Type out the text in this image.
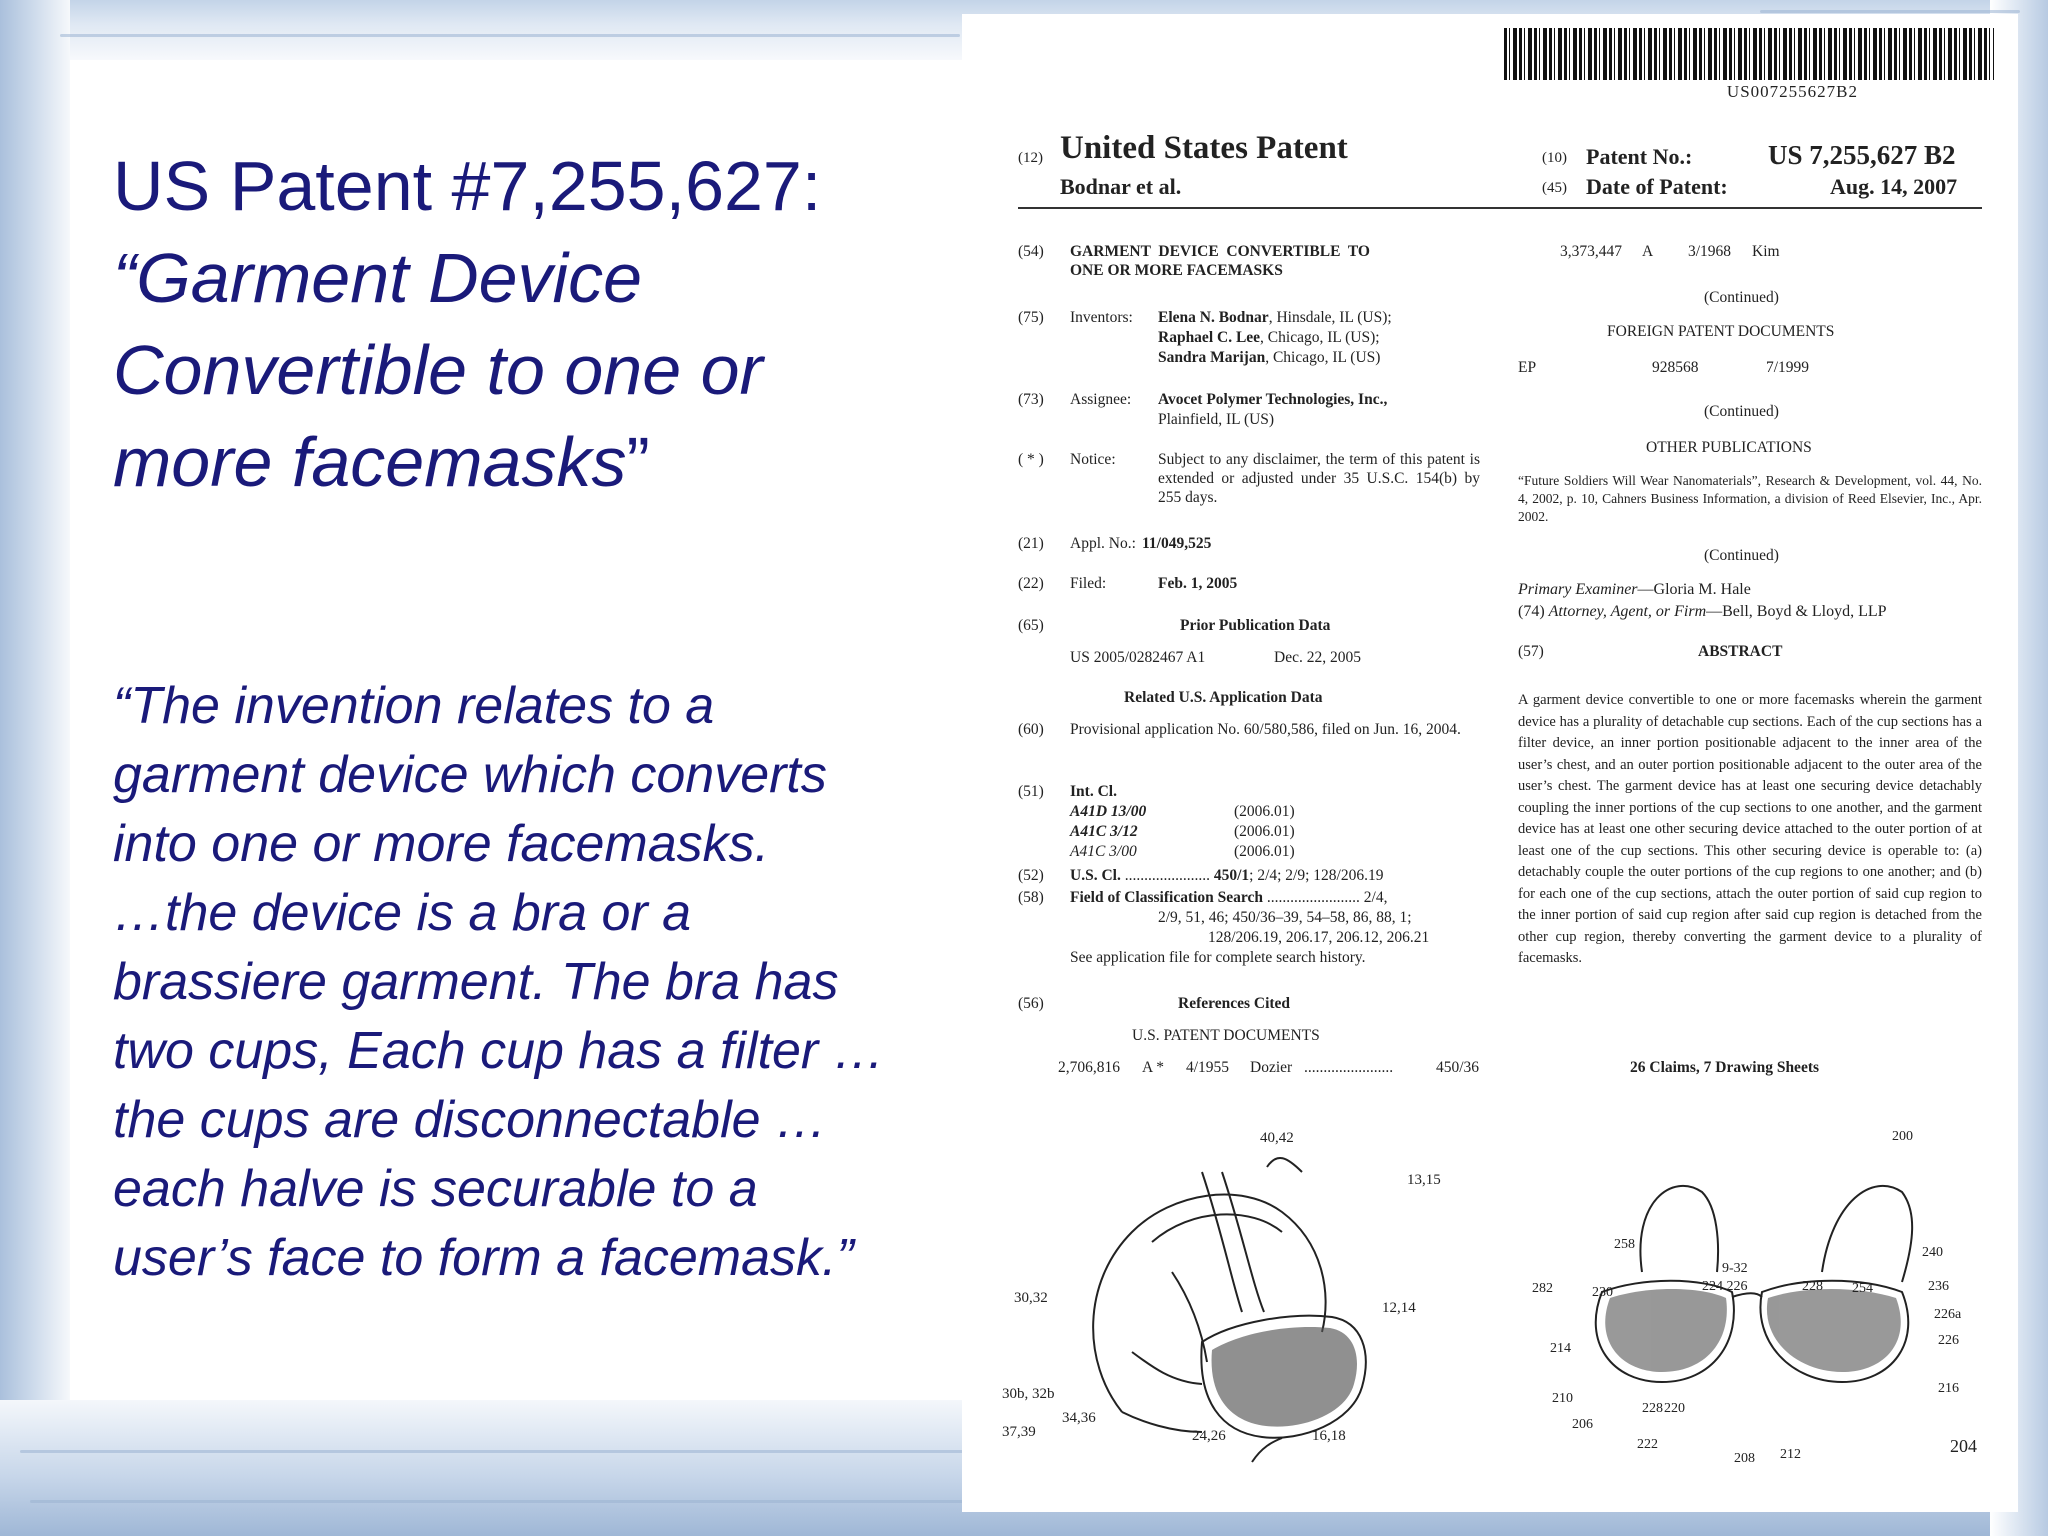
US Patent #7,255,627:
“Garment Device Convertible to one or more facemasks”
“The invention relates to a
garment device which converts
into one or more facemasks.
…the device is a bra or a
brassiere garment. The bra has
two cups, Each cup has a filter …
the cups are disconnectable …
each halve is securable to a
user’s face to form a facemask.”
US007255627B2
(12) United States Patent
Bodnar et al.
(10) Patent No.:	US 7,255,627 B2
(45) Date of Patent:	Aug. 14, 2007
(54) GARMENT DEVICE CONVERTIBLE TO ONE OR MORE FACEMASKS
(75) Inventors: Elena N. Bodnar, Hinsdale, IL (US);
Raphael C. Lee, Chicago, IL (US);
Sandra Marijan, Chicago, IL (US)
(73) Assignee: Avocet Polymer Technologies, Inc.,
Plainfield, IL (US)
( * ) Notice:	Subject to any disclaimer, the term of this patent is extended or adjusted under 35 U.S.C. 154(b) by 255 days.
(21) Appl. No.: 11/049,525
(22) Filed:	Feb. 1, 2005
(65)	Prior Publication Data
US 2005/0282467 A1	Dec. 22, 2005
Related U.S. Application Data
(60) Provisional application No. 60/580,586, filed on Jun. 16, 2004.
(51) Int. Cl.
A41D 13/00	(2006.01)
A41C 3/12	(2006.01)
A41C 3/00	(2006.01)
(52) U.S. Cl. ...................... 450/1; 2/4; 2/9; 128/206.19
(58) Field of Classification Search ........................ 2/4,
2/9, 51, 46; 450/36–39, 54–58, 86, 88, 1;
128/206.19, 206.17, 206.12, 206.21
See application file for complete search history.
(56)	References Cited
U.S. PATENT DOCUMENTS
2,706,816 A * 4/1955 Dozier .......................	450/36
3,373,447 A 3/1968 Kim
(Continued)
FOREIGN PATENT DOCUMENTS
EP	928568	7/1999
(Continued)
OTHER PUBLICATIONS
“Future Soldiers Will Wear Nanomaterials”, Research & Development, vol. 44, No. 4, 2002, p. 10, Cahners Business Information, a division of Reed Elsevier, Inc., Apr. 2002.
(Continued)
Primary Examiner—Gloria M. Hale
(74) Attorney, Agent, or Firm—Bell, Boyd & Lloyd, LLP
(57)	ABSTRACT
A garment device convertible to one or more facemasks wherein the garment device has a plurality of detachable cup sections. Each of the cup sections has a filter device, an inner portion positionable adjacent to the inner area of the user’s chest, and an outer portion positionable adjacent to the outer area of the user’s chest. The garment device has at least one securing device detachably coupling the inner portions of the cup sections to one another, and the garment device has at least one other securing device attached to the outer portion of at least one of the cup sections. This other securing device is operable to: (a) detachably couple the outer portions of the cup regions to one another; and (b) for each one of the cup sections, attach the outer portion of said cup region to the inner portion of said cup region after said cup region is detached from the other cup region, thereby converting the garment device to a plurality of facemasks.
26 Claims, 7 Drawing Sheets
40,42
13,15
30,32
12,14
30b, 32b
37,39
34,36
24,26	16,18
200
258
240
282	230
9-32
224 226	228 254	236
226a
226
214
216
210
206
228 220
222
208 212	204
